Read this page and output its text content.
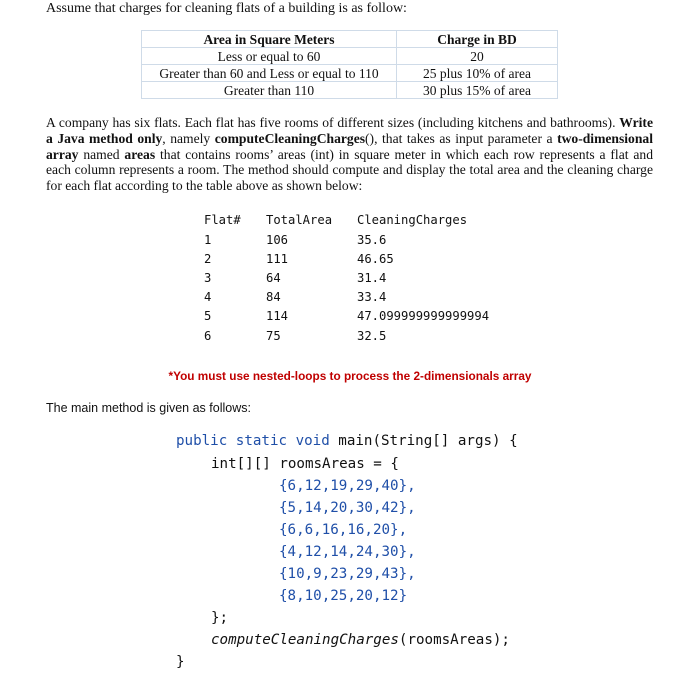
Assume that charges for cleaning flats of a building is as follow:
Area in Square Meters	Charge in BD
Less or equal to 60	20
Greater than 60 and Less or equal to 110	25 plus 10% of area
Greater than 110	30 plus 15% of area

A company has six flats. Each flat has five rooms of different sizes (including kitchens and bathrooms). Write a Java method only, namely computeCleaningCharges(), that takes as input parameter a two-dimensional array named areas that contains rooms’ areas (int) in square meter in which each row represents a flat and each column represents a room. The method should compute and display the total area and the cleaning charge for each flat according to the table above as shown below:

Flat# TotalArea CleaningCharges
1	106	35.6
2	111	46.65
3	64	31.4
4	84	33.4
5	114	47.099999999999994
6	75	32.5
*You must use nested-loops to process the 2-dimensionals array
The main method is given as follows:
public static void main(String[] args) {
int[][] roomsAreas = {
{6,12,19,29,40},
{5,14,20,30,42},
{6,6,16,16,20},
{4,12,14,24,30},
{10,9,23,29,43},
{8,10,25,20,12}
};
computeCleaningCharges(roomsAreas);
}
